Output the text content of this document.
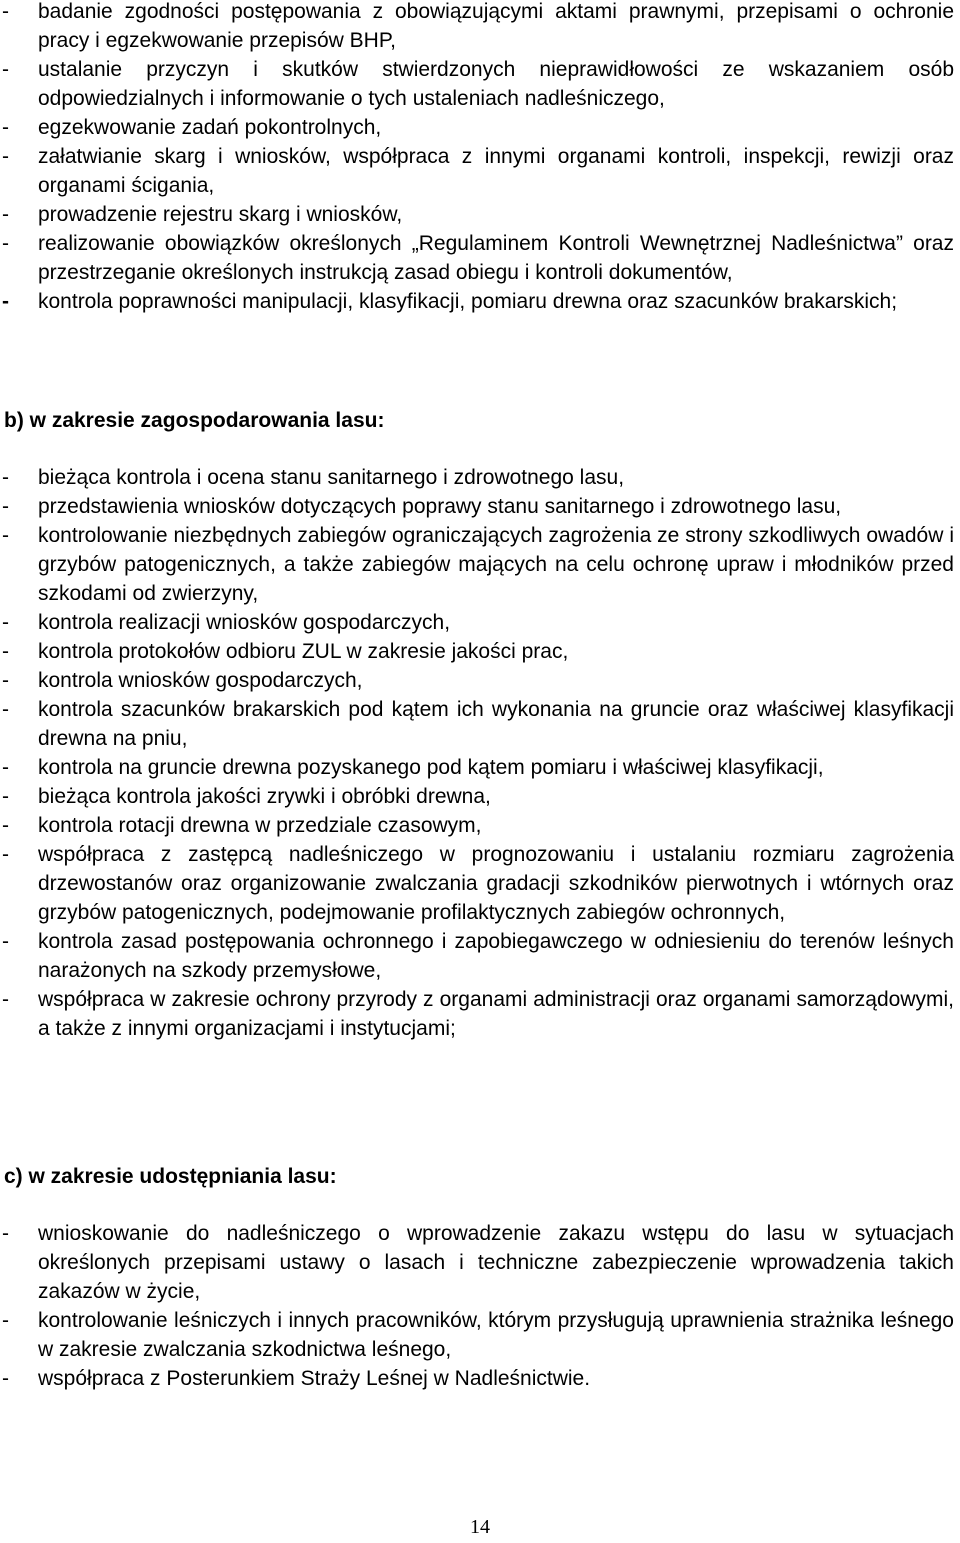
- badanie zgodności postępowania z obowiązującymi aktami prawnymi, przepisami o ochronie pracy i egzekwowanie przepisów BHP,
- ustalanie przyczyn i skutków stwierdzonych nieprawidłowości ze wskazaniem osób odpowiedzialnych i informowanie o tych ustaleniach nadleśniczego,
- egzekwowanie zadań pokontrolnych,
- załatwianie skarg i wniosków, współpraca z innymi organami kontroli, inspekcji, rewizji oraz organami ścigania,
- prowadzenie rejestru skarg i wniosków,
- realizowanie obowiązków określonych „Regulaminem Kontroli Wewnętrznej Nadleśnictwa” oraz przestrzeganie określonych instrukcją zasad obiegu i kontroli dokumentów,
- kontrola poprawności manipulacji, klasyfikacji, pomiaru drewna oraz szacunków brakarskich;
b) w zakresie zagospodarowania lasu:
- bieżąca kontrola i ocena stanu sanitarnego i zdrowotnego lasu,
- przedstawienia wniosków dotyczących poprawy stanu sanitarnego i zdrowotnego lasu,
- kontrolowanie niezbędnych zabiegów ograniczających zagrożenia ze strony szkodliwych owadów i grzybów patogenicznych, a także zabiegów mających na celu ochronę upraw i młodników przed szkodami od zwierzyny,
- kontrola realizacji wniosków gospodarczych,
- kontrola protokołów odbioru ZUL w zakresie jakości prac,
- kontrola wniosków gospodarczych,
- kontrola szacunków brakarskich pod kątem ich wykonania na gruncie oraz właściwej klasyfikacji drewna na pniu,
- kontrola na gruncie drewna pozyskanego pod kątem pomiaru i właściwej klasyfikacji,
- bieżąca kontrola jakości zrywki i obróbki drewna,
- kontrola rotacji drewna w przedziale czasowym,
- współpraca z zastępcą nadleśniczego w prognozowaniu i ustalaniu rozmiaru zagrożenia drzewostanów oraz organizowanie zwalczania gradacji szkodników pierwotnych i wtórnych oraz grzybów patogenicznych, podejmowanie profilaktycznych zabiegów ochronnych,
- kontrola zasad postępowania ochronnego i zapobiegawczego w odniesieniu do terenów leśnych narażonych na szkody przemysłowe,
- współpraca w zakresie ochrony przyrody z organami administracji oraz organami samorządowymi, a także z innymi organizacjami i instytucjami;
c) w zakresie udostępniania lasu:
- wnioskowanie do nadleśniczego o wprowadzenie zakazu wstępu do lasu w sytuacjach określonych przepisami ustawy o lasach i techniczne zabezpieczenie wprowadzenia takich zakazów w życie,
- kontrolowanie leśniczych i innych pracowników, którym przysługują uprawnienia strażnika leśnego w zakresie zwalczania szkodnictwa leśnego,
- współpraca z Posterunkiem Straży Leśnej w Nadleśnictwie.
14
